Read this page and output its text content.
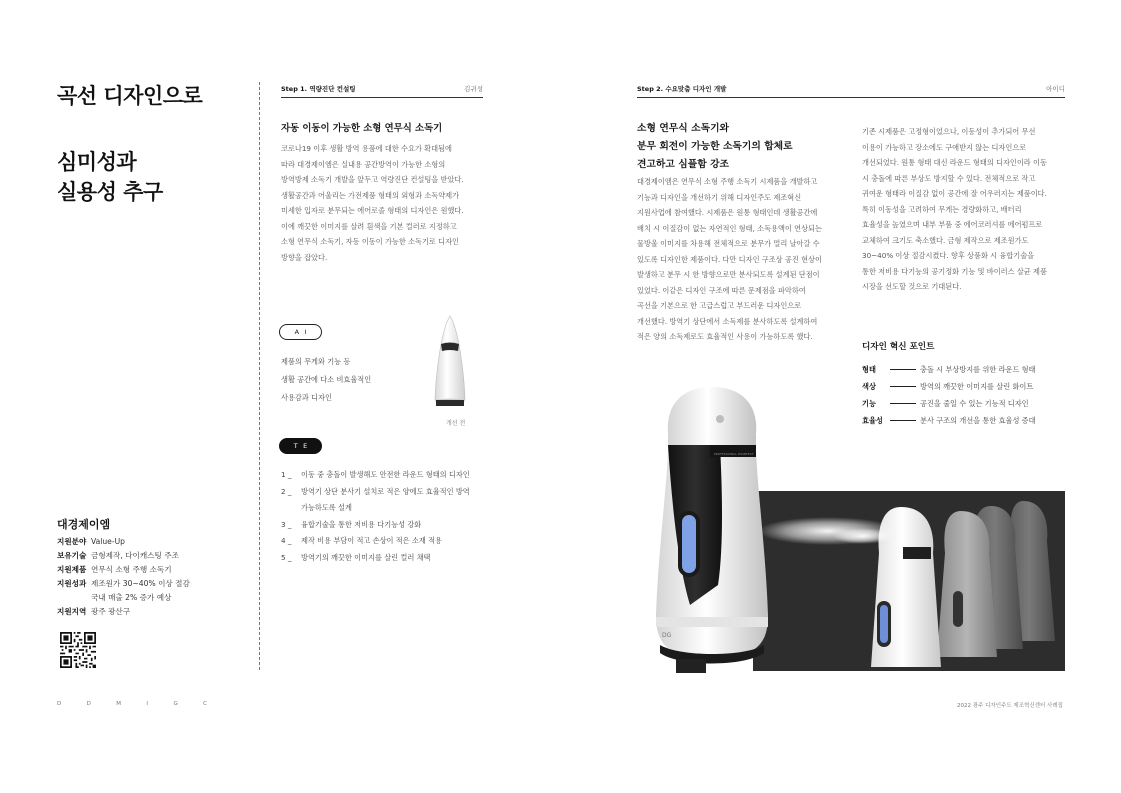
곡선 디자인으로
심미성과
실용성 추구
대경제이엠
지원분야 Value-Up
보유기술 금형제작, 다이캐스팅 주조
지원제품 연무식 소형 주행 소독기
지원성과 제조원가 30~40% 이상 절감
국내 매출 2% 증가 예상
지원지역 광주 광산구
D	D	M	I	G	C
Step 1. 역량진단 컨설팅	김귀성
자동 이동이 가능한 소형 연무식 소독기
코로나19 이후 생활 방역 용품에 대한 수요가 확대됨에
따라 대경제이엠은 실내용 공간방역이 가능한 소형의
방역방제 소독기 개발을 앞두고 역량진단 컨설팅을 받았다.
생활공간과 어울리는 가전제품 형태의 외형과 소독약제가
미세한 입자로 분무되는 에어로졸 형태의 디자인은 원했다.
이에 깨끗한 이미지를 살려 흰색을 기본 컬러로 지정하고
소형 연무식 소독기, 자동 이동이 가능한 소독기로 디자인
방향을 잡았다.
A I
제품의 무게와 기능 등
생활 공간에 다소 비효율적인
사용감과 디자인
개선 전
T E
1 _	이동 중 충돌이 발생해도 안전한 라운드 형태의 디자인
2 _	방역기 상단 분사기 설치로 적은 양에도 효율적인 방역
가능하도록 설계
3 _	융합기술을 통한 저비용 다기능성 강화
4 _	제작 비용 부담이 적고 손상이 적은 소재 적용
5 _	방역기의 깨끗한 이미지를 살린 컬러 채택
Step 2. 수요맞춤 디자인 개발	아이디
소형 연무식 소독기와
분무 회전이 가능한 소독기의 합체로
견고하고 심플함 강조
대경제이엠은 연무식 소형 주행 소독기 시제품을 개발하고
기능과 디자인을 개선하기 위해 디자인주도 제조혁신
지원사업에 참여했다. 시제품은 원통 형태인데 생활공간에
배치 시 이질감이 없는 자연적인 형태, 소독용액이 연상되는
물방울 이미지를 차용해 전체적으로 분무가 멀리 날아갈 수
있도록 디자인한 제품이다. 다만 디자인 구조상 공진 현상이
발생하고 분무 시 한 방향으로만 분사되도록 설계된 단점이
있었다. 이같은 디자인 구조에 따른 문제점을 파악하여
곡선을 기본으로 한 고급스럽고 부드러운 디자인으로
개선했다. 방역기 상단에서 소독제를 분사하도록 설계하여
적은 양의 소독제로도 효율적인 사용이 가능하도록 했다.
기존 시제품은 고정형이었으나, 이동성이 추가되어 무선
이용이 가능하고 장소에도 구애받지 않는 디자인으로
개선되었다. 원통 형태 대신 라운드 형태의 디자인이라 이동
시 충돌에 따른 부상도 방지할 수 있다. 전체적으로 작고
귀여운 형태라 이질감 없이 공간에 잘 어우러지는 제품이다.
특히 이동성을 고려하여 무게는 경량화하고, 배터리
효율성을 높였으며 내부 부품 중 에어코러셔를 에어펌프로
교체하여 크기도 축소했다. 금형 제작으로 제조원가도
30~40% 이상 절감시켰다. 향후 상품화 시 융합기술을
통한 저비용 다기능의 공기정화 기능 및 바이러스 살균 제품
시장을 선도할 것으로 기대된다.
디자인 혁신 포인트
형태	충돌 시 부상방지를 위한 라운드 형태
색상	방역의 깨끗한 이미지를 살린 화이트
기능	공진을 줄일 수 있는 기능적 디자인
효율성	분사 구조의 개선을 통한 효율성 증대
PROFESSIONAL DISINFECT
DG
2022 광주 디자인주도 제조혁신센터 사례집
